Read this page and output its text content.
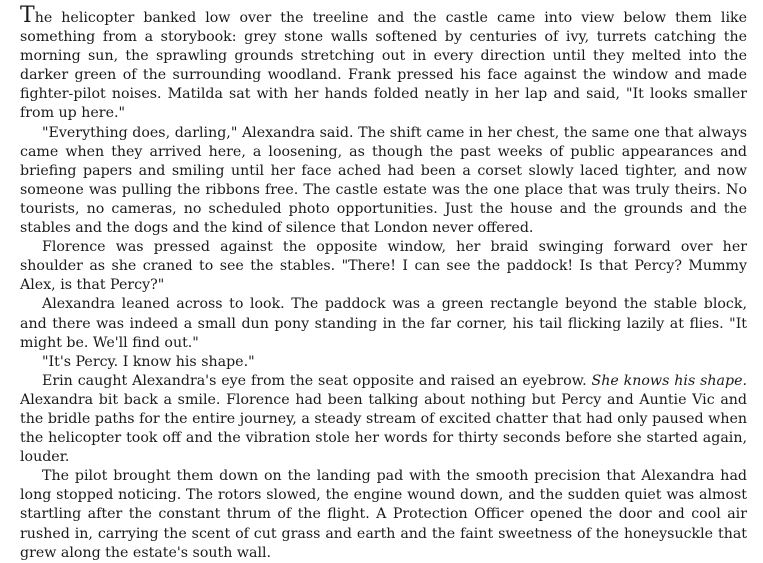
The helicopter banked low over the treeline and the castle came into view below them like something from a storybook: grey stone walls softened by centuries of ivy, turrets catching the morning sun, the sprawling grounds stretching out in every direction until they melted into the darker green of the surrounding woodland. Frank pressed his face against the window and made fighter-pilot noises. Matilda sat with her hands folded neatly in her lap and said, "It looks smaller from up here."

"Everything does, darling," Alexandra said. The shift came in her chest, the same one that always came when they arrived here, a loosening, as though the past weeks of public appearances and briefing papers and smiling until her face ached had been a corset slowly laced tighter, and now someone was pulling the ribbons free. The castle estate was the one place that was truly theirs. No tourists, no cameras, no scheduled photo opportunities. Just the house and the grounds and the stables and the dogs and the kind of silence that London never offered.

Florence was pressed against the opposite window, her braid swinging forward over her shoulder as she craned to see the stables. "There! I can see the paddock! Is that Percy? Mummy Alex, is that Percy?"

Alexandra leaned across to look. The paddock was a green rectangle beyond the stable block, and there was indeed a small dun pony standing in the far corner, his tail flicking lazily at flies. "It might be. We'll find out."

"It's Percy. I know his shape."

Erin caught Alexandra's eye from the seat opposite and raised an eyebrow. She knows his shape. Alexandra bit back a smile. Florence had been talking about nothing but Percy and Auntie Vic and the bridle paths for the entire journey, a steady stream of excited chatter that had only paused when the helicopter took off and the vibration stole her words for thirty seconds before she started again, louder.

The pilot brought them down on the landing pad with the smooth precision that Alexandra had long stopped noticing. The rotors slowed, the engine wound down, and the sudden quiet was almost startling after the constant thrum of the flight. A Protection Officer opened the door and cool air rushed in, carrying the scent of cut grass and earth and the faint sweetness of the honeysuckle that grew along the estate's south wall.
